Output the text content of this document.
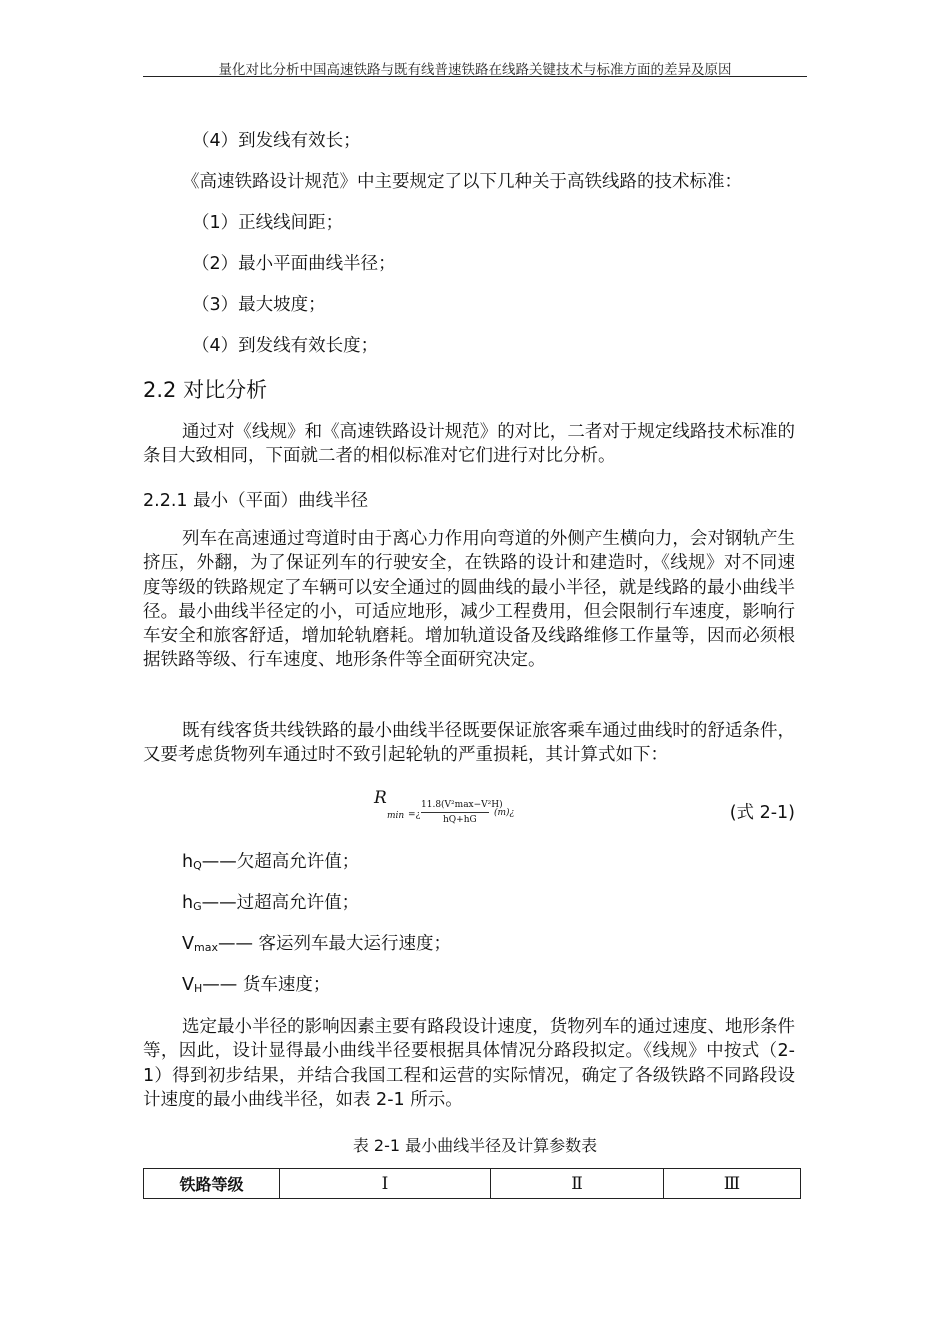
量化对比分析中国高速铁路与既有线普速铁路在线路关键技术与标准方面的差异及原因
（4）到发线有效长；
《高速铁路设计规范》中主要规定了以下几种关于高铁线路的技术标准：
（1）正线线间距；
（2）最小平面曲线半径；
（3）最大坡度；
（4）到发线有效长度；
2.2 对比分析
通过对《线规》和《高速铁路设计规范》的对比，二者对于规定线路技术标准的条目大致相同，下面就二者的相似标准对它们进行对比分析。
2.2.1 最小（平面）曲线半径
列车在高速通过弯道时由于离心力作用向弯道的外侧产生横向力，会对钢轨产生挤压，外翻，为了保证列车的行驶安全，在铁路的设计和建造时，《线规》对不同速度等级的铁路规定了车辆可以安全通过的圆曲线的最小半径，就是线路的最小曲线半径。最小曲线半径定的小，可适应地形，减少工程费用，但会限制行车速度，影响行车安全和旅客舒适，增加轮轨磨耗。增加轨道设备及线路维修工作量等，因而必须根据铁路等级、行车速度、地形条件等全面研究决定。
既有线客货共线铁路的最小曲线半径既要保证旅客乘车通过曲线时的舒适条件，又要考虑货物列车通过时不致引起轮轨的严重损耗，其计算式如下：
R
min =¿
11.8(V²max−V²H)
hQ+hG
(m)¿	(式 2-1)
$h_Q——$欠超高允许值；
$h_G——$过超高允许值；
$V_{max}——$ 客运列车最大运行速度；
$V_H——$ 货车速度；
选定最小半径的影响因素主要有路段设计速度，货物列车的通过速度、地形条件等，因此，设计显得最小曲线半径要根据具体情况分路段拟定。《线规》中按式（2-1）得到初步结果，并结合我国工程和运营的实际情况，确定了各级铁路不同路段设计速度的最小曲线半径，如表 2-1 所示。
表 2-1 最小曲线半径及计算参数表
铁路等级	Ⅰ	Ⅱ	Ⅲ
